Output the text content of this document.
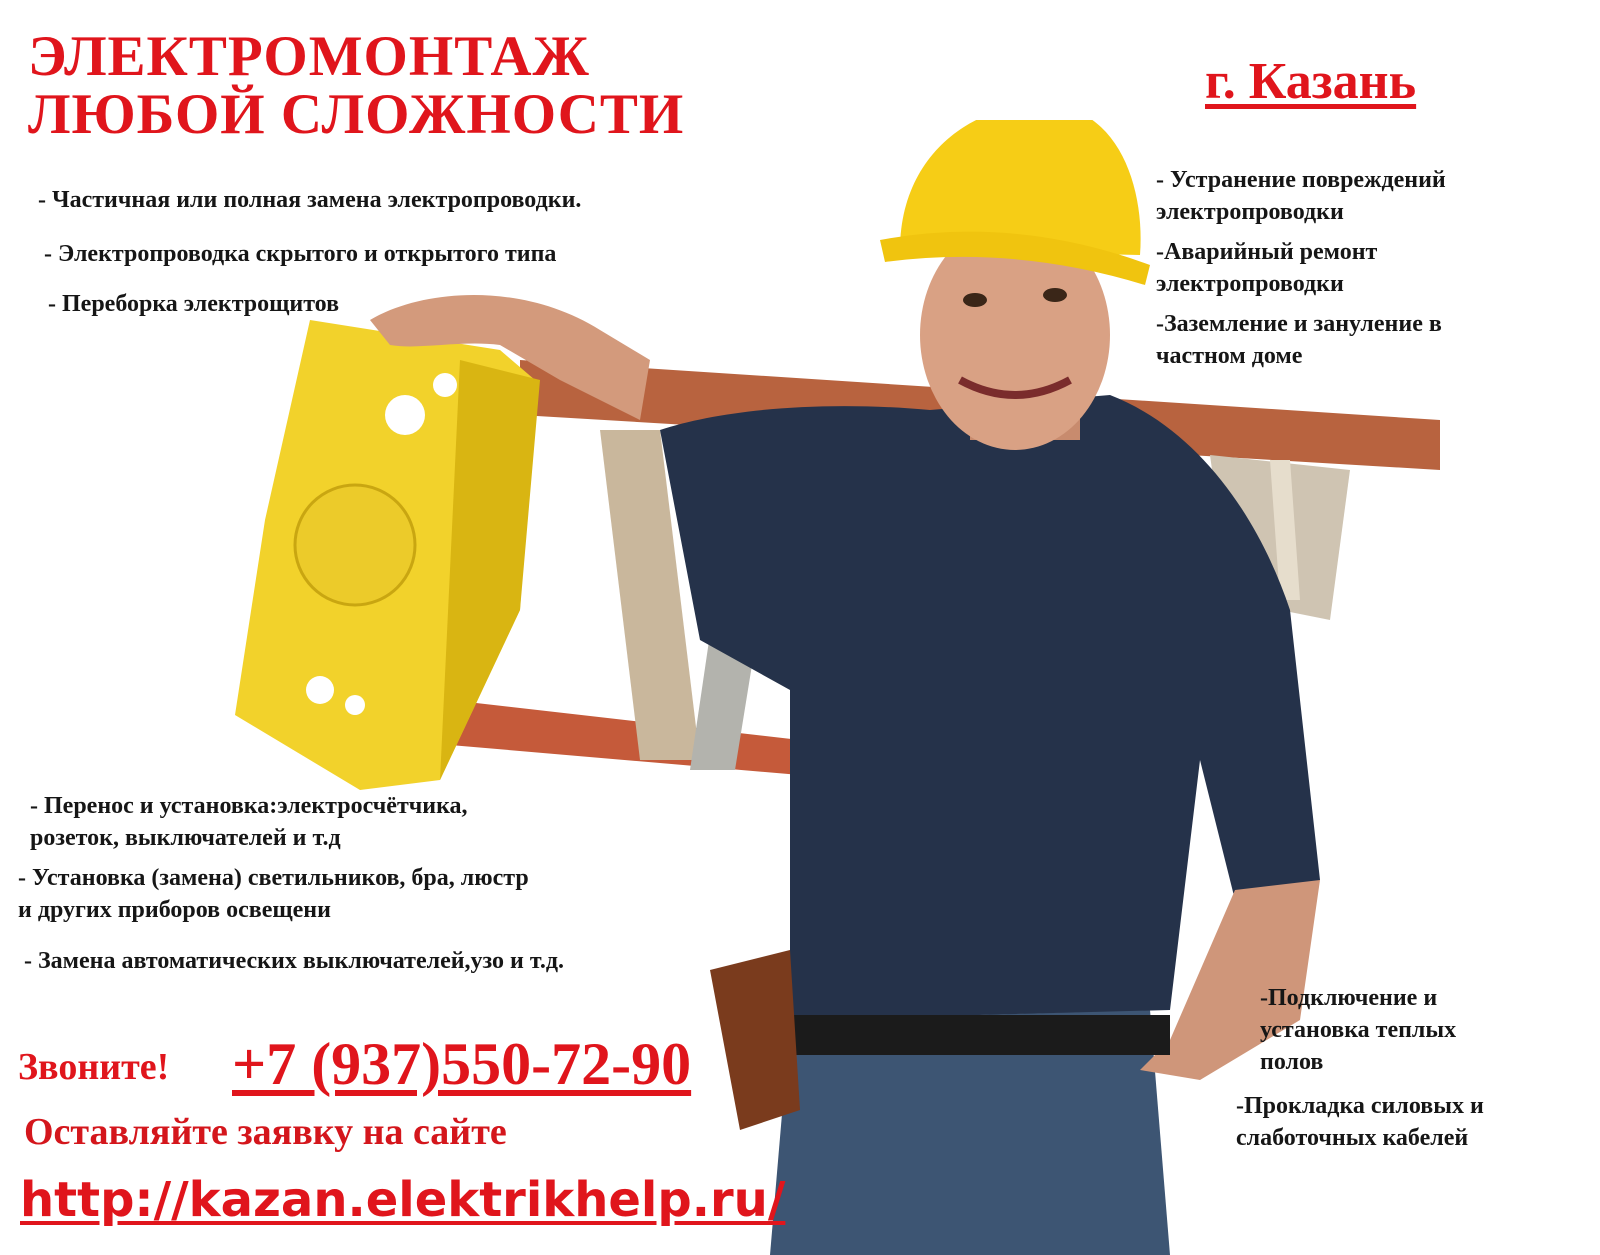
ЭЛЕКТРОМОНТАЖ
ЛЮБОЙ СЛОЖНОСТИ
г. Казань
- Частичная или полная замена электропроводки.
- Электропроводка скрытого и открытого типа
- Переборка электрощитов
- Устранение повреждений
электропроводки
-Аварийный ремонт
электропроводки
-Заземление и зануление в
частном доме
- Перенос и установка:электросчётчика,
розеток, выключателей и т.д
- Установка (замена) светильников, бра, люстр
и других приборов освещени
- Замена автоматических выключателей,узо и т.д.
-Подключение и
установка теплых
полов
-Прокладка силовых и
слаботочных кабелей
Звоните! +7 (937)550-72-90
Оставляйте заявку на сайте
http://kazan.elektrikhelp.ru/
